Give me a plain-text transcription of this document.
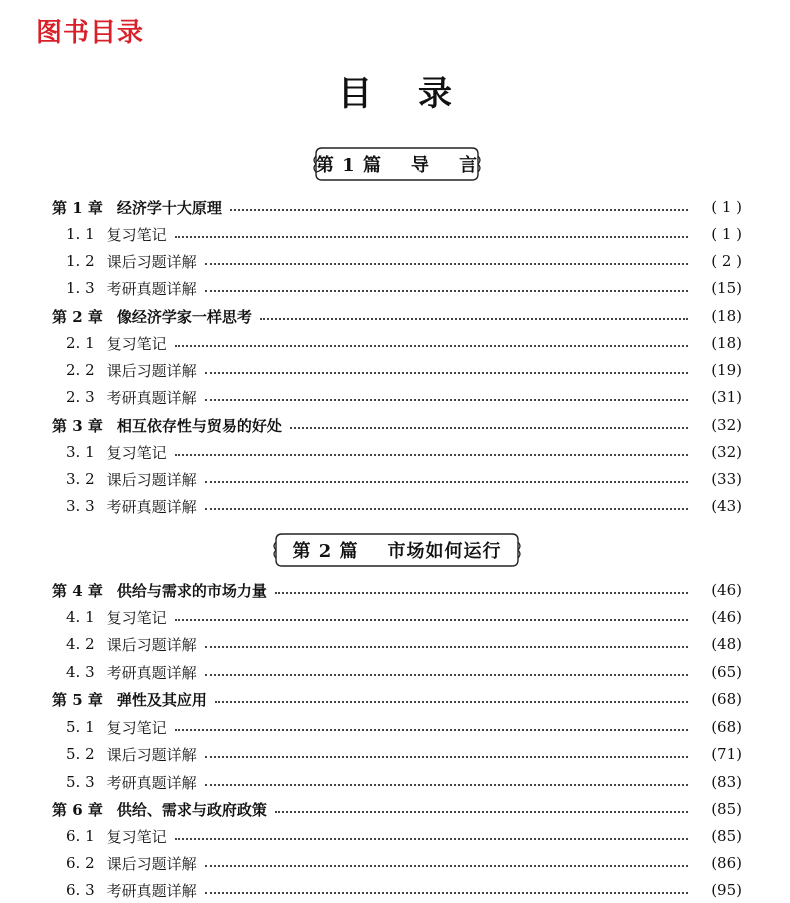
图书目录
目录
第 1 篇    导    言
第 2 篇    市场如何运行
第 1 章 经济学十大原理	( 1 )
1. 1 复习笔记	( 1 )
1. 2 课后习题详解	( 2 )
1. 3 考研真题详解	(15)
第 2 章 像经济学家一样思考	(18)
2. 1 复习笔记	(18)
2. 2 课后习题详解	(19)
2. 3 考研真题详解	(31)
第 3 章 相互依存性与贸易的好处	(32)
3. 1 复习笔记	(32)
3. 2 课后习题详解	(33)
3. 3 考研真题详解	(43)
第 4 章 供给与需求的市场力量	(46)
4. 1 复习笔记	(46)
4. 2 课后习题详解	(48)
4. 3 考研真题详解	(65)
第 5 章 弹性及其应用	(68)
5. 1 复习笔记	(68)
5. 2 课后习题详解	(71)
5. 3 考研真题详解	(83)
第 6 章 供给、需求与政府政策	(85)
6. 1 复习笔记	(85)
6. 2 课后习题详解	(86)
6. 3 考研真题详解	(95)
